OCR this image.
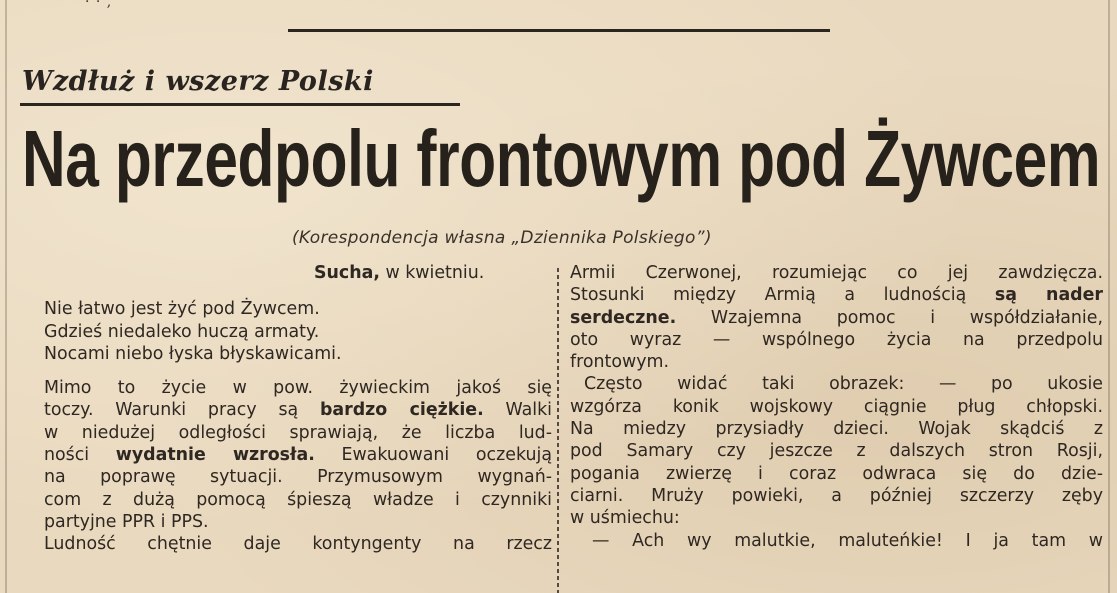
· · ,
Wzdłuż i wszerz Polski
Na przedpolu frontowym pod Żywcem

(Korespondencja własna „Dziennika Polskiego”)

Sucha, w kwietniu.

Nie łatwo jest żyć pod Żywcem.

Gdzieś niedaleko huczą armaty.

Nocami niebo łyska błyskawicami.

Mimo to życie w pow. żywieckim jakoś się

toczy. Warunki pracy są bardzo ciężkie. Walki

w niedużej odległości sprawiają, że liczba lud-

ności wydatnie wzrosła. Ewakuowani oczekują

na poprawę sytuacji. Przymusowym wygnań-

com z dużą pomocą śpieszą władze i czynniki

partyjne PPR i PPS.

Ludność chętnie daje kontyngenty na rzecz

Armii Czerwonej, rozumiejąc co jej zawdzięcza.

Stosunki między Armią a ludnością są nader

serdeczne. Wzajemna pomoc i współdziałanie,

oto wyraz — wspólnego życia na przedpolu

frontowym.

Często widać taki obrazek: — po ukosie

wzgórza konik wojskowy ciągnie pług chłopski.

Na miedzy przysiadły dzieci. Wojak skądciś z

pod Samary czy jeszcze z dalszych stron Rosji,

pogania zwierzę i coraz odwraca się do dzie-

ciarni. Mruży powieki, a później szczerzy zęby

w uśmiechu:

— Ach wy malutkie, maluteńkie! I ja tam w
